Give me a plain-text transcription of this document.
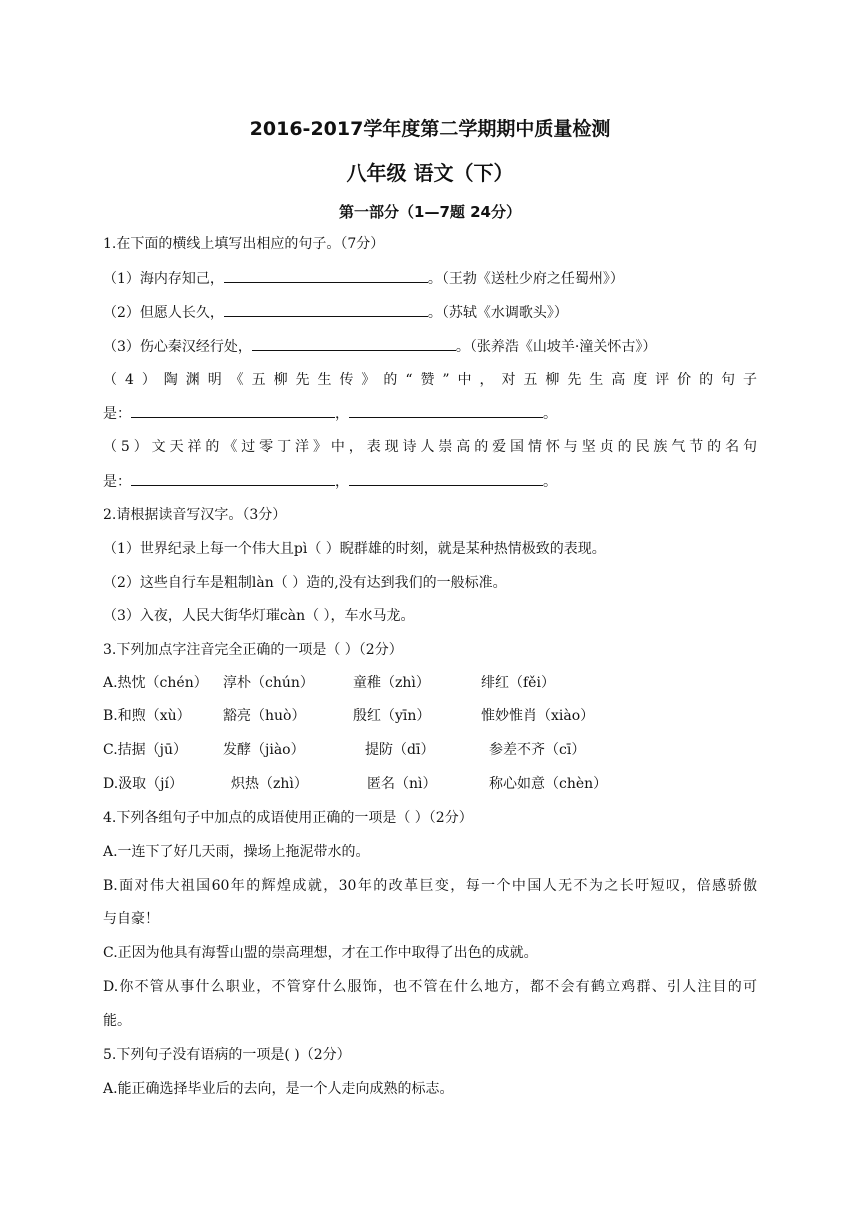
2016-2017学年度第二学期期中质量检测
八年级 语文（下）
第一部分（1—7题 24分）
1.在下面的横线上填写出相应的句子。（7分）
（1）海内存知己，	。（王勃《送杜少府之任蜀州》）
（2）但愿人长久，	。（苏轼《水调歌头》）
（3）伤心秦汉经行处，	。（张养浩《山坡羊·潼关怀古》）
（4）陶渊明《五柳先生传》的“赞”中，对五柳先生高度评价的句子
是：	，	。
（5）文天祥的《过零丁洋》中，表现诗人崇高的爱国情怀与坚贞的民族气节的名句
是：	，	。
2.请根据读音写汉字。（3分）
（1）世界纪录上每一个伟大且pì（ ）睨群雄的时刻，就是某种热情极致的表现。
（2）这些自行车是粗制làn（ ）造的,没有达到我们的一般标准。
（3）入夜，人民大街华灯璀càn（ ），车水马龙。
3.下列加点字注音完全正确的一项是（ ）（2分）
A.热忱（chén） 淳朴（chún）	童稚（zhì）	绯红（fěi）
B.和煦（xù） 豁亮（huò）	殷红（yīn）	惟妙惟肖（xiào）
C.拮据（jū）	发酵（jiào）	提防（dī）	参差不齐（cī）
D.汲取（jí）	炽热（zhì）	匿名（nì）	称心如意（chèn）
4.下列各组句子中加点的成语使用正确的一项是（ ）（2分）
A.一连下了好几天雨，操场上拖泥带水的。
B.面对伟大祖国60年的辉煌成就，30年的改革巨变，每一个中国人无不为之长吁短叹，倍感骄傲
与自豪！
C.正因为他具有海誓山盟的崇高理想，才在工作中取得了出色的成就。
D.你不管从事什么职业，不管穿什么服饰，也不管在什么地方，都不会有鹤立鸡群、引人注目的可
能。
5.下列句子没有语病的一项是( )（2分）
A.能正确选择毕业后的去向，是一个人走向成熟的标志。
